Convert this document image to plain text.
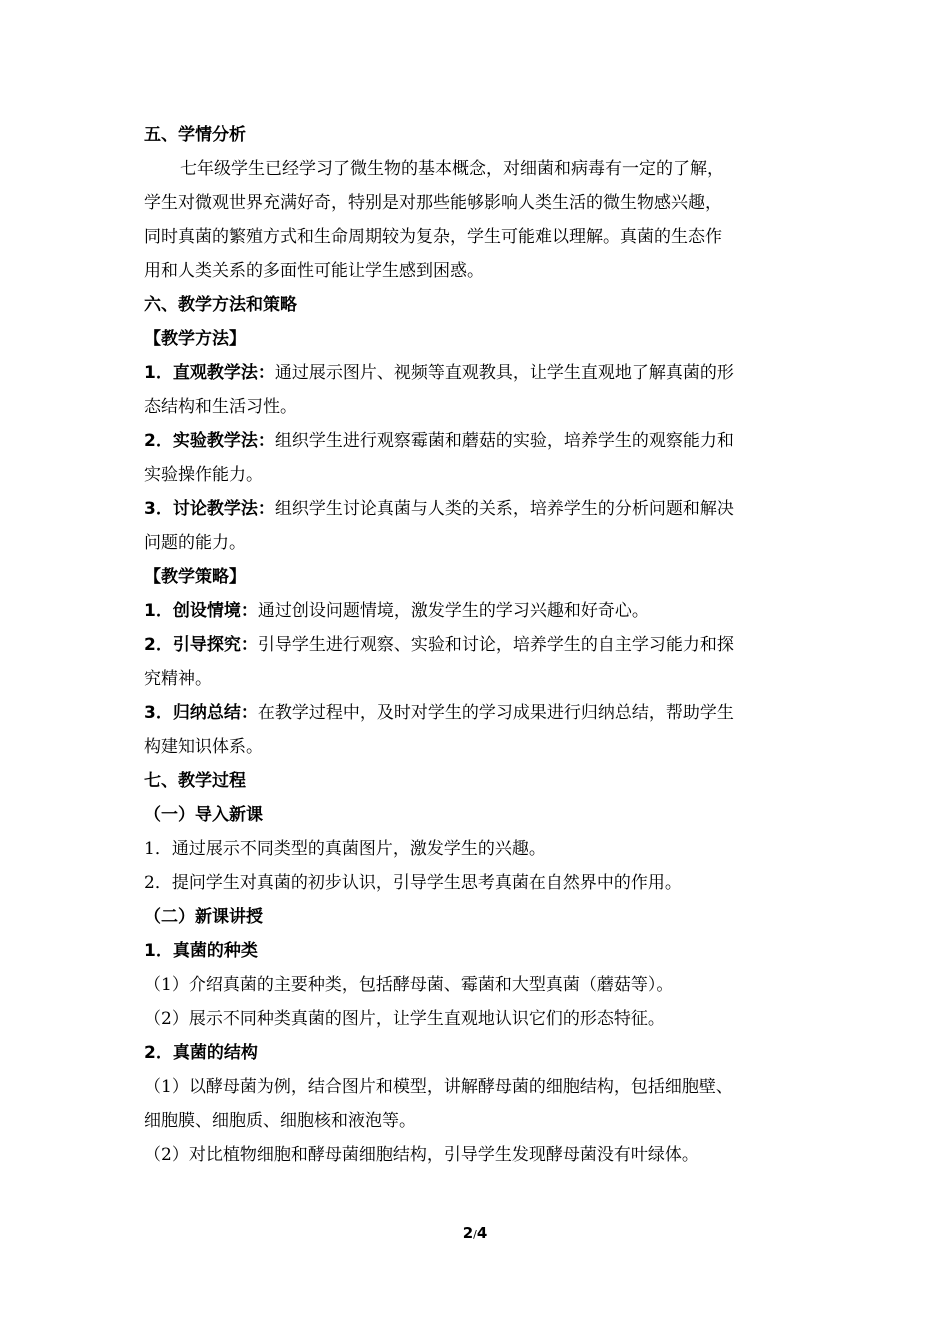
五、学情分析
七年级学生已经学习了微生物的基本概念，对细菌和病毒有一定的了解，
学生对微观世界充满好奇，特别是对那些能够影响人类生活的微生物感兴趣，
同时真菌的繁殖方式和生命周期较为复杂，学生可能难以理解。真菌的生态作
用和人类关系的多面性可能让学生感到困惑。
六、教学方法和策略
【教学方法】
1．直观教学法：通过展示图片、视频等直观教具，让学生直观地了解真菌的形
态结构和生活习性。
2．实验教学法：组织学生进行观察霉菌和蘑菇的实验，培养学生的观察能力和
实验操作能力。
3．讨论教学法：组织学生讨论真菌与人类的关系，培养学生的分析问题和解决
问题的能力。
【教学策略】
1．创设情境：通过创设问题情境，激发学生的学习兴趣和好奇心。
2．引导探究：引导学生进行观察、实验和讨论，培养学生的自主学习能力和探
究精神。
3．归纳总结：在教学过程中，及时对学生的学习成果进行归纳总结，帮助学生
构建知识体系。
七、教学过程
（一）导入新课
1．通过展示不同类型的真菌图片，激发学生的兴趣。
2．提问学生对真菌的初步认识，引导学生思考真菌在自然界中的作用。
（二）新课讲授
1．真菌的种类
（1）介绍真菌的主要种类，包括酵母菌、霉菌和大型真菌（蘑菇等）。
（2）展示不同种类真菌的图片，让学生直观地认识它们的形态特征。
2．真菌的结构
（1）以酵母菌为例，结合图片和模型，讲解酵母菌的细胞结构，包括细胞壁、
细胞膜、细胞质、细胞核和液泡等。
（2）对比植物细胞和酵母菌细胞结构，引导学生发现酵母菌没有叶绿体。
2/4
